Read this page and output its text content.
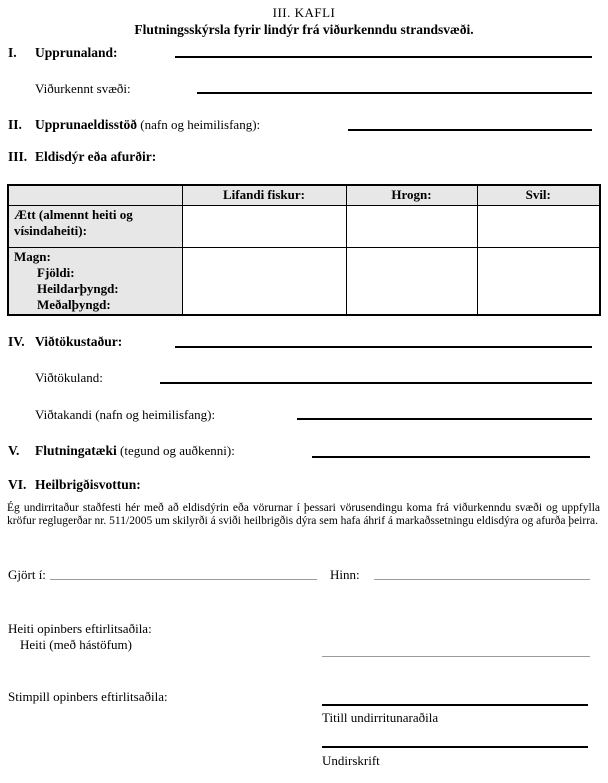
III. KAFLI
Flutningsskýrsla fyrir lindýr frá viðurkenndu strandsvæði.
I. Upprunaland:
Viðurkennt svæði:
II. Upprunaeldisstöð (nafn og heimilisfang):
III. Eldisdýr eða afurðir:
	Lifandi fiskur:	Hrogn:	Svil:
Ætt (almennt heiti og vísindaheiti):			

Magn:
Fjöldi:
Heildarþyngd:
Meðalþyngd:			

IV. Viðtökustaður:
Viðtökuland:
Viðtakandi (nafn og heimilisfang):
V. Flutningatæki (tegund og auðkenni):
VI. Heilbrigðisvottun:
Ég undirritaður staðfesti hér með að eldisdýrin eða vörurnar í þessari vörusendingu koma frá viðurkenndu svæði og uppfylla kröfur reglugerðar nr. 511/2005 um skilyrði á sviði heilbrigðis dýra sem hafa áhrif á markaðssetningu eldisdýra og afurða þeirra.
Gjört í:	Hinn:
Heiti opinbers eftirlitsaðila:
Heiti (með hástöfum)
Stimpill opinbers eftirlitsaðila:
Titill undirritunaraðila
Undirskrift
